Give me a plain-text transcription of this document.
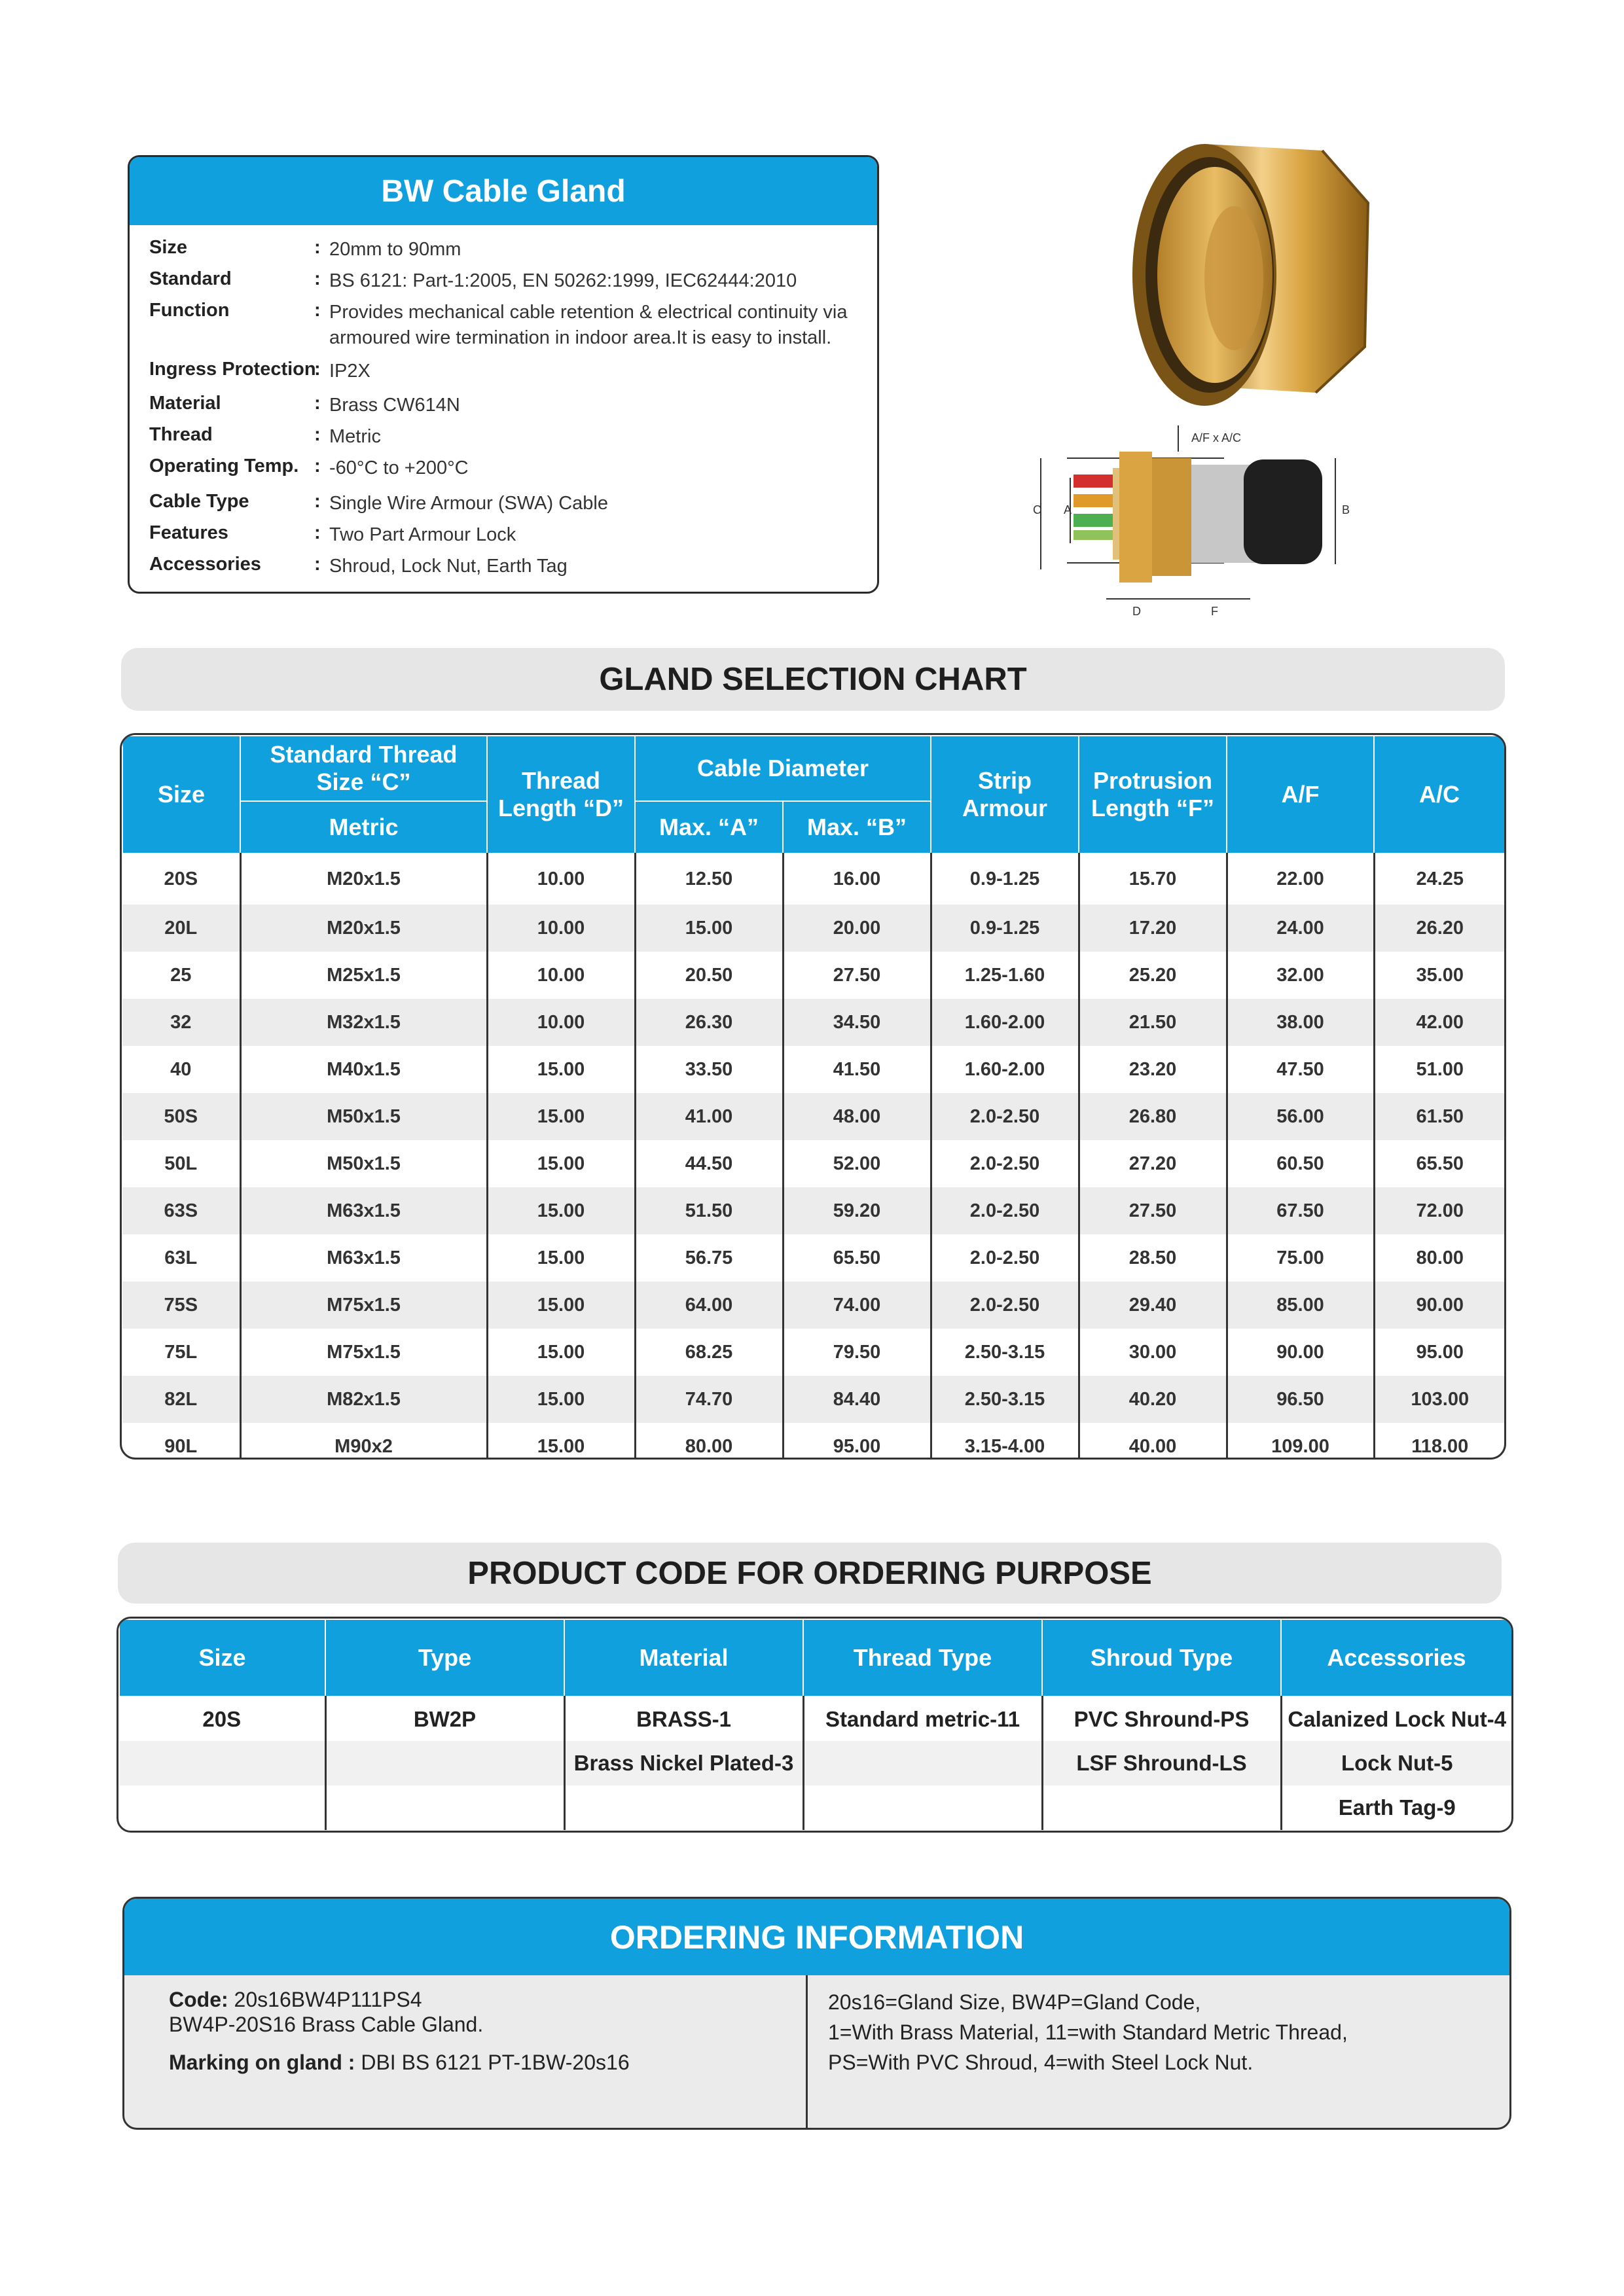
BW Cable Gland
Size	: 20mm to 90mm
Standard	: BS 6121: Part-1:2005, EN 50262:1999, IEC62444:2010
Function	: Provides mechanical cable retention & electrical continuity via armoured wire termination in indoor area.It is easy to install.
Ingress Protection
: IP2X
Material	: Brass CW614N
Thread	: Metric
Operating Temp. : -60°C to +200°C
Cable Type	: Single Wire Armour (SWA) Cable
Features	: Two Part Armour Lock
Accessories	: Shroud, Lock Nut, Earth Tag
A/F x A/C
A
C	B
D	F
GLAND SELECTION CHART
Size	Standard Thread Size “C”	Thread Length “D”	Cable Diameter		Strip Armour	Protrusion Length “F”	A/F	A/C
	Metric		Max. “A”	Max. “B”				
20S	M20x1.5	10.00	12.50	16.00	0.9-1.25	15.70	22.00	24.25
20L	M20x1.5	10.00	15.00	20.00	0.9-1.25	17.20	24.00	26.20
25	M25x1.5	10.00	20.50	27.50	1.25-1.60	25.20	32.00	35.00
32	M32x1.5	10.00	26.30	34.50	1.60-2.00	21.50	38.00	42.00
40	M40x1.5	15.00	33.50	41.50	1.60-2.00	23.20	47.50	51.00
50S	M50x1.5	15.00	41.00	48.00	2.0-2.50	26.80	56.00	61.50
50L	M50x1.5	15.00	44.50	52.00	2.0-2.50	27.20	60.50	65.50
63S	M63x1.5	15.00	51.50	59.20	2.0-2.50	27.50	67.50	72.00
63L	M63x1.5	15.00	56.75	65.50	2.0-2.50	28.50	75.00	80.00
75S	M75x1.5	15.00	64.00	74.00	2.0-2.50	29.40	85.00	90.00
75L	M75x1.5	15.00	68.25	79.50	2.50-3.15	30.00	90.00	95.00
82L	M82x1.5	15.00	74.70	84.40	2.50-3.15	40.20	96.50	103.00
90L	M90x2	15.00	80.00	95.00	3.15-4.00	40.00	109.00	118.00
PRODUCT CODE FOR ORDERING PURPOSE
Size	Type	Material	Thread Type	Shroud Type	Accessories
20S	BW2P	BRASS-1	Standard metric-11	PVC Shround-PS	Calanized Lock Nut-4
		Brass Nickel Plated-3		LSF Shround-LS	Lock Nut-5
					Earth Tag-9
ORDERING INFORMATION
Code: 20s16BW4P111PS4
BW4P-20S16 Brass Cable Gland.
Marking on gland : DBI BS 6121 PT-1BW-20s16
20s16=Gland Size, BW4P=Gland Code,
1=With Brass Material, 11=with Standard Metric Thread,
PS=With PVC Shroud, 4=with Steel Lock Nut.
